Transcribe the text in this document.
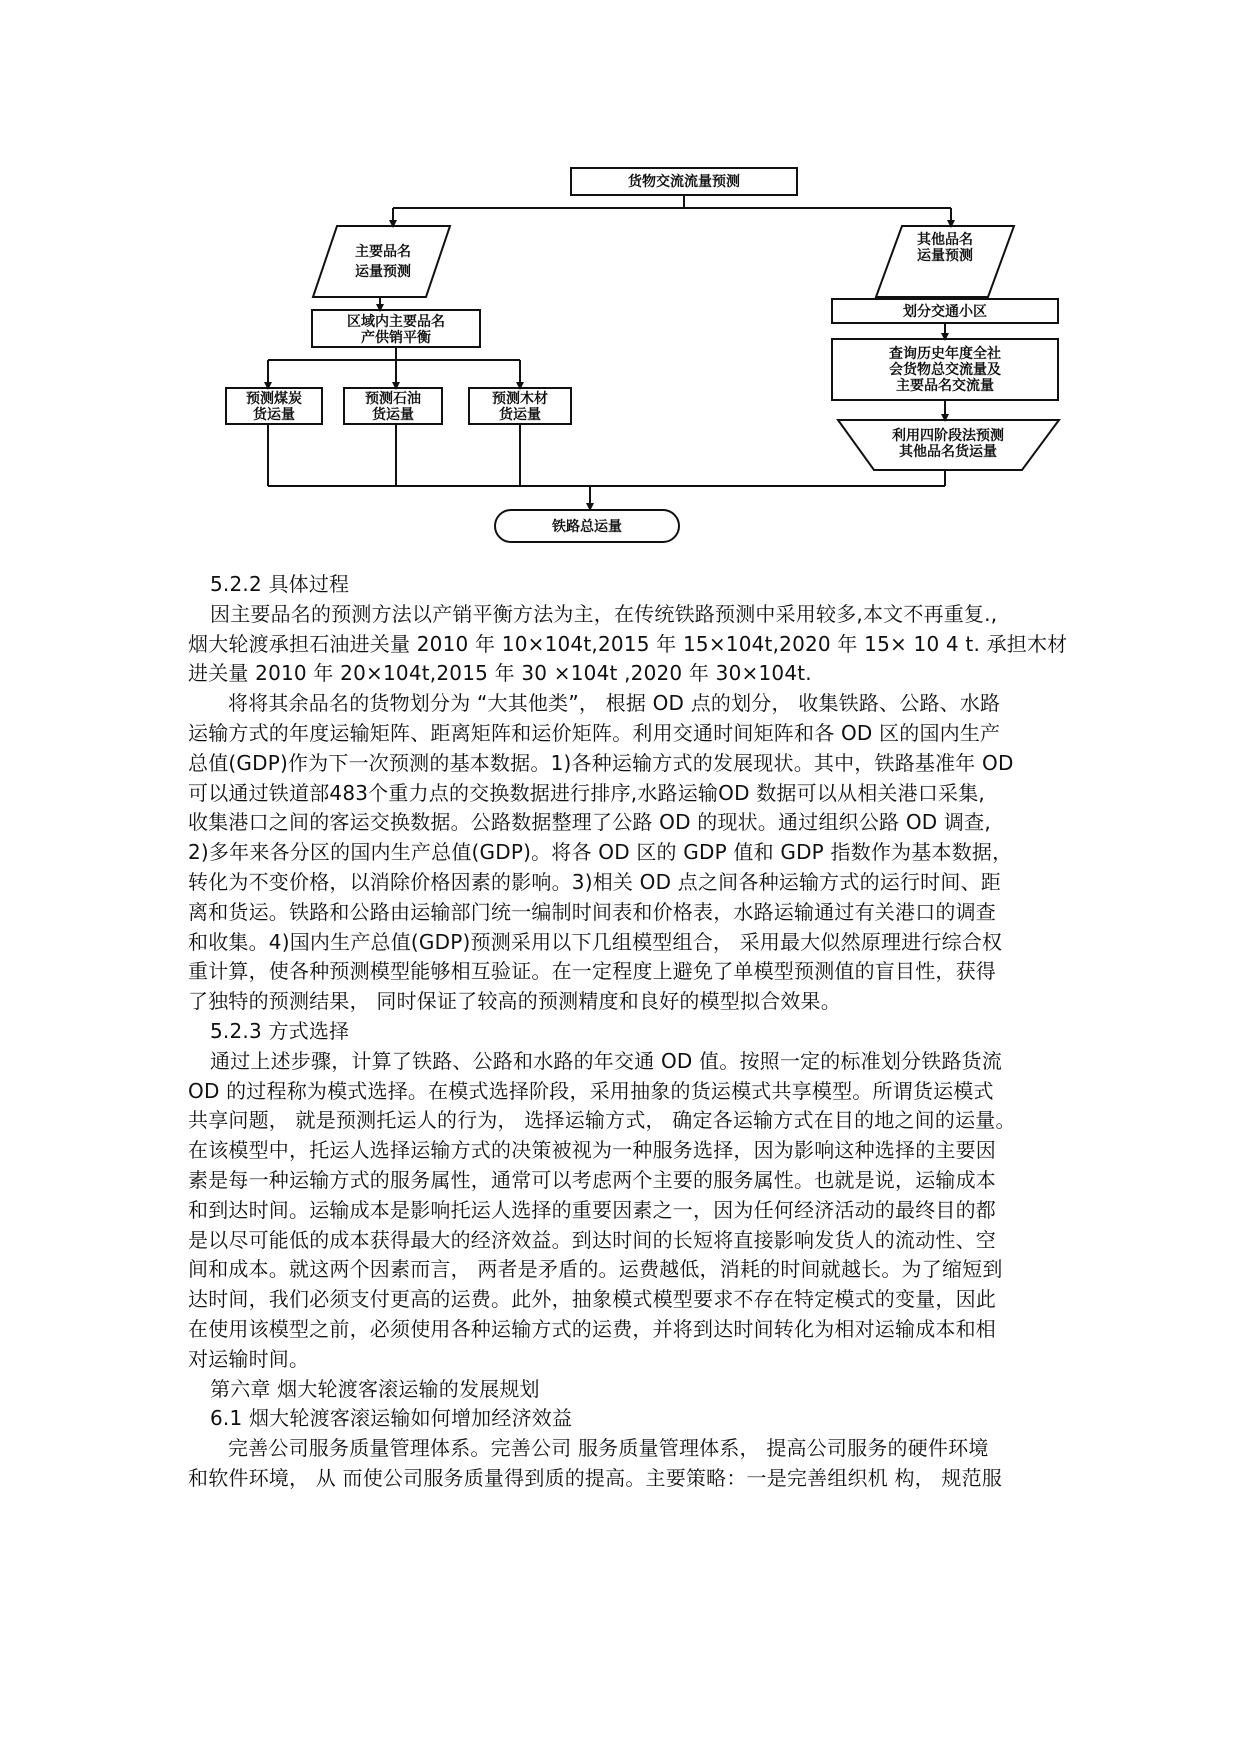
货物交流流量预测
主要品名
运量预测
区域内主要品名
产供销平衡
预测煤炭
货运量
预测石油
货运量
预测木材
货运量
其他品名
运量预测
划分交通小区
查询历史年度全社
会货物总交流量及
主要品名交流量
利用四阶段法预测
其他品名货运量
铁路总运量
5.2.2 具体过程
因主要品名的预测方法以产销平衡方法为主，在传统铁路预测中采用较多,本文不再重复.,
烟大轮渡承担石油进关量 2010 年 10×104t,2015 年 15×104t,2020 年 15× 10 4 t. 承担木材
进关量 2010 年 20×104t,2015 年 30 ×104t ,2020 年 30×104t.
将将其余品名的货物划分为 “大其他类”， 根据 OD 点的划分， 收集铁路、公路、水路
运输方式的年度运输矩阵、距离矩阵和运价矩阵。利用交通时间矩阵和各 OD 区的国内生产
总值(GDP)作为下一次预测的基本数据。1)各种运输方式的发展现状。其中，铁路基准年 OD
可以通过铁道部483个重力点的交换数据进行排序,水路运输OD 数据可以从相关港口采集,
收集港口之间的客运交换数据。公路数据整理了公路 OD 的现状。通过组织公路 OD 调查,
2)多年来各分区的国内生产总值(GDP)。将各 OD 区的 GDP 值和 GDP 指数作为基本数据，
转化为不变价格，以消除价格因素的影响。3)相关 OD 点之间各种运输方式的运行时间、距
离和货运。铁路和公路由运输部门统一编制时间表和价格表，水路运输通过有关港口的调查
和收集。4)国内生产总值(GDP)预测采用以下几组模型组合， 采用最大似然原理进行综合权
重计算，使各种预测模型能够相互验证。在一定程度上避免了单模型预测值的盲目性，获得
了独特的预测结果， 同时保证了较高的预测精度和良好的模型拟合效果。
5.2.3 方式选择
通过上述步骤，计算了铁路、公路和水路的年交通 OD 值。按照一定的标准划分铁路货流
OD 的过程称为模式选择。在模式选择阶段，采用抽象的货运模式共享模型。所谓货运模式
共享问题， 就是预测托运人的行为， 选择运输方式， 确定各运输方式在目的地之间的运量。
在该模型中，托运人选择运输方式的决策被视为一种服务选择，因为影响这种选择的主要因
素是每一种运输方式的服务属性，通常可以考虑两个主要的服务属性。也就是说，运输成本
和到达时间。运输成本是影响托运人选择的重要因素之一，因为任何经济活动的最终目的都
是以尽可能低的成本获得最大的经济效益。到达时间的长短将直接影响发货人的流动性、空
间和成本。就这两个因素而言， 两者是矛盾的。运费越低，消耗的时间就越长。为了缩短到
达时间，我们必须支付更高的运费。此外，抽象模式模型要求不存在特定模式的变量，因此
在使用该模型之前，必须使用各种运输方式的运费，并将到达时间转化为相对运输成本和相
对运输时间。
第六章 烟大轮渡客滚运输的发展规划
6.1 烟大轮渡客滚运输如何增加经济效益
完善公司服务质量管理体系。完善公司 服务质量管理体系， 提高公司服务的硬件环境
和软件环境， 从 而使公司服务质量得到质的提高。主要策略：一是完善组织机 构， 规范服
